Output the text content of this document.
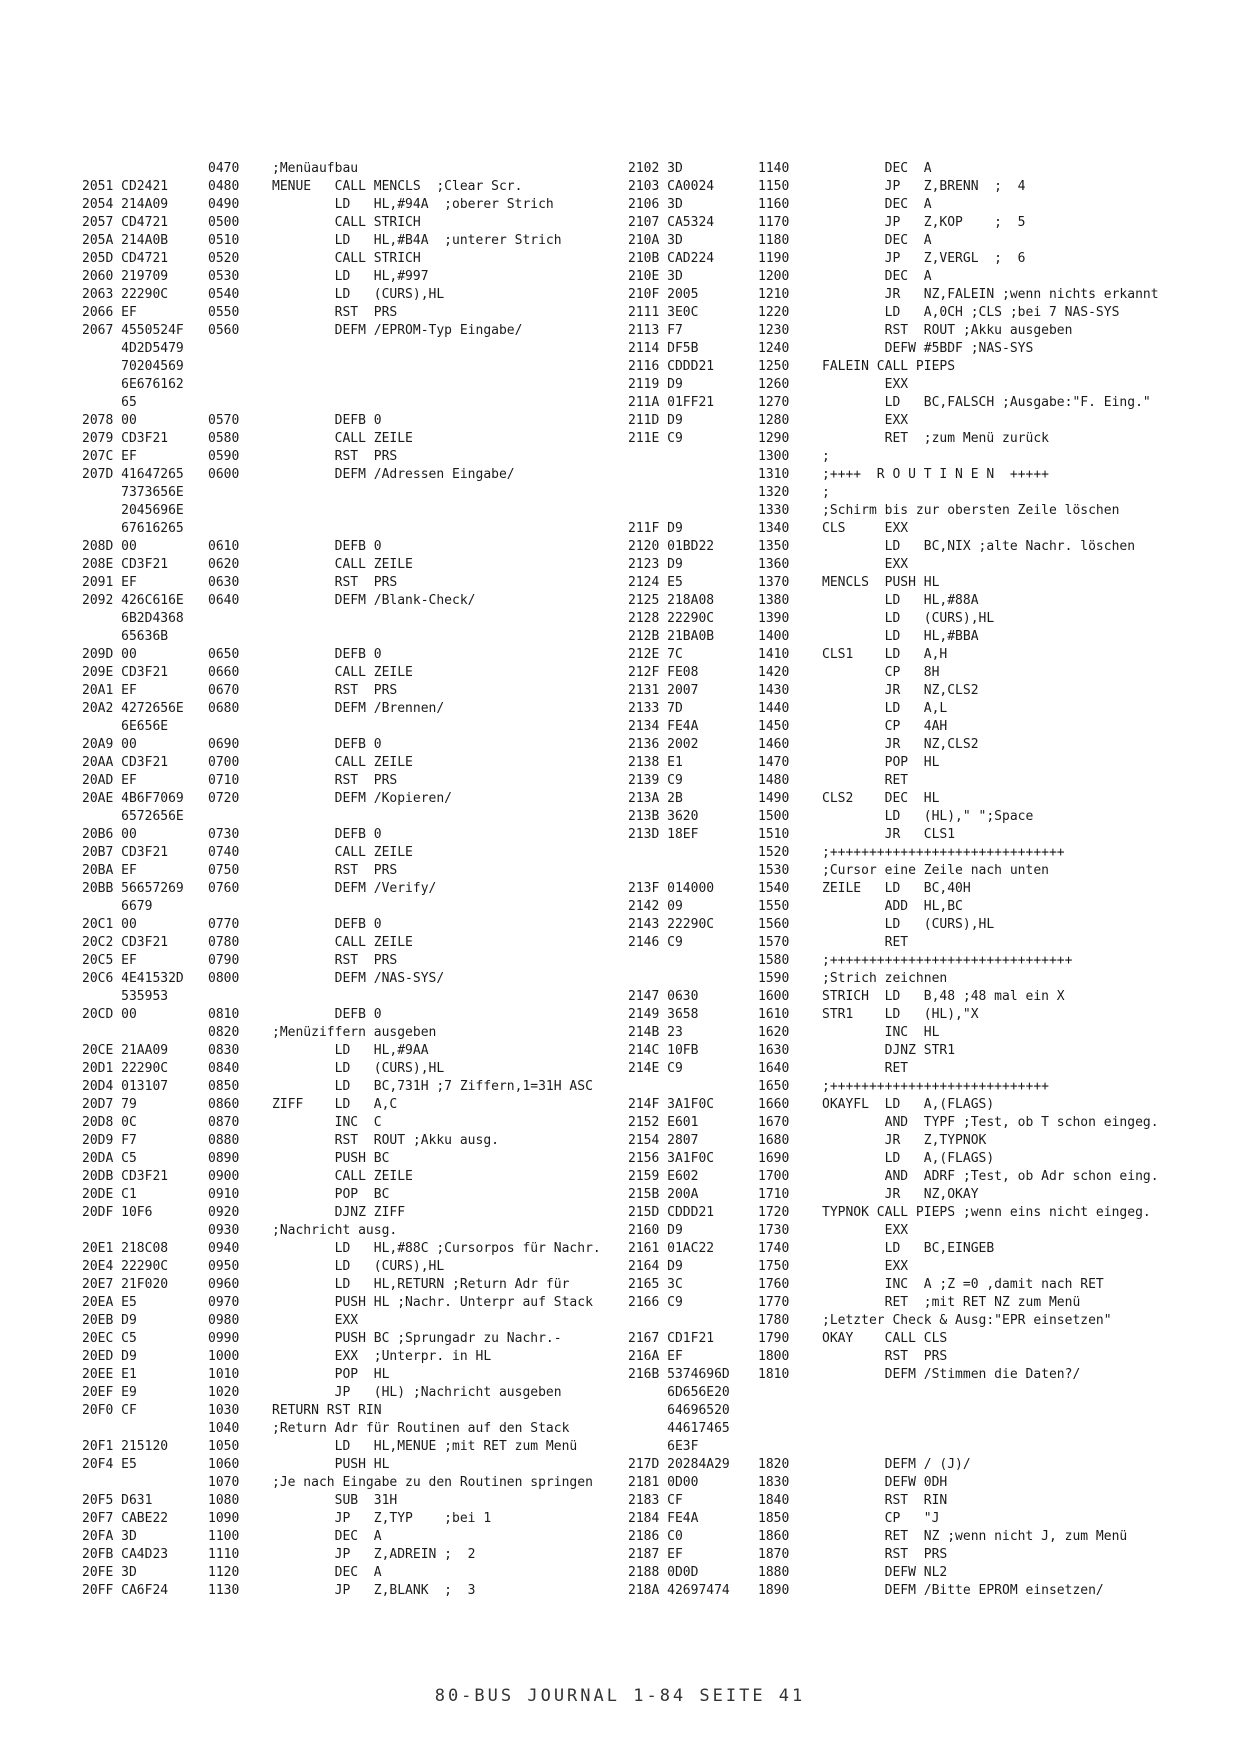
0470	;Menüaufbau
2051 CD2421	0480	MENUE   CALL MENCLS  ;Clear Scr.
2054 214A09	0490	LD   HL,#94A  ;oberer Strich
2057 CD4721	0500	CALL STRICH
205A 214A0B	0510	LD   HL,#B4A  ;unterer Strich
205D CD4721	0520	CALL STRICH
2060 219709	0530	LD   HL,#997
2063 22290C	0540	LD   (CURS),HL
2066 EF	0550	RST  PRS
2067 4550524F 0560	DEFM /EPROM-Typ Eingabe/
4D2D5479
70204569
6E676162
65
2078 00	0570	DEFB 0
2079 CD3F21	0580	CALL ZEILE
207C EF	0590	RST  PRS
207D 41647265 0600	DEFM /Adressen Eingabe/
7373656E
2045696E
67616265
208D 00	0610	DEFB 0
208E CD3F21	0620	CALL ZEILE
2091 EF	0630	RST  PRS
2092 426C616E 0640	DEFM /Blank-Check/
6B2D4368
65636B
209D 00	0650	DEFB 0
209E CD3F21	0660	CALL ZEILE
20A1 EF	0670	RST  PRS
20A2 4272656E 0680	DEFM /Brennen/
6E656E
20A9 00	0690	DEFB 0
20AA CD3F21	0700	CALL ZEILE
20AD EF	0710	RST  PRS
20AE 4B6F7069 0720	DEFM /Kopieren/
6572656E
20B6 00	0730	DEFB 0
20B7 CD3F21	0740	CALL ZEILE
20BA EF	0750	RST  PRS
20BB 56657269 0760	DEFM /Verify/
6679
20C1 00	0770	DEFB 0
20C2 CD3F21	0780	CALL ZEILE
20C5 EF	0790	RST  PRS
20C6 4E41532D 0800	DEFM /NAS-SYS/
535953
20CD 00	0810	DEFB 0
0820	;Menüziffern ausgeben
20CE 21AA09	0830	LD   HL,#9AA
20D1 22290C	0840	LD   (CURS),HL
20D4 013107	0850	LD   BC,731H ;7 Ziffern,1=31H ASC
20D7 79	0860	ZIFF    LD   A,C
20D8 0C	0870	INC  C
20D9 F7	0880	RST  ROUT ;Akku ausg.
20DA C5	0890	PUSH BC
20DB CD3F21	0900	CALL ZEILE
20DE C1	0910	POP  BC
20DF 10F6	0920	DJNZ ZIFF
0930	;Nachricht ausg.
20E1 218C08	0940	LD   HL,#88C ;Cursorpos für Nachr.
20E4 22290C	0950	LD   (CURS),HL
20E7 21F020	0960	LD   HL,RETURN ;Return Adr für
20EA E5	0970	PUSH HL ;Nachr. Unterpr auf Stack
20EB D9	0980	EXX
20EC C5	0990	PUSH BC ;Sprungadr zu Nachr.-
20ED D9	1000	EXX  ;Unterpr. in HL
20EE E1	1010	POP  HL
20EF E9	1020	JP   (HL) ;Nachricht ausgeben
20F0 CF	1030	RETURN RST RIN
1040	;Return Adr für Routinen auf den Stack
20F1 215120	1050	LD   HL,MENUE ;mit RET zum Menü
20F4 E5	1060	PUSH HL
1070	;Je nach Eingabe zu den Routinen springen
20F5 D631	1080	SUB  31H
20F7 CABE22	1090	JP   Z,TYP    ;bei 1
20FA 3D	1100	DEC  A
20FB CA4D23	1110	JP   Z,ADREIN ;  2
20FE 3D	1120	DEC  A
20FF CA6F24	1130	JP   Z,BLANK  ;  3
2102 3D	1140	DEC  A
2103 CA0024	1150	JP   Z,BRENN  ;  4
2106 3D	1160	DEC  A
2107 CA5324	1170	JP   Z,KOP    ;  5
210A 3D	1180	DEC  A
210B CAD224	1190	JP   Z,VERGL  ;  6
210E 3D	1200	DEC  A
210F 2005	1210	JR   NZ,FALEIN ;wenn nichts erkannt
2111 3E0C	1220	LD   A,0CH ;CLS ;bei 7 NAS-SYS
2113 F7	1230	RST  ROUT ;Akku ausgeben
2114 DF5B	1240	DEFW #5BDF ;NAS-SYS
2116 CDDD21	1250	FALEIN CALL PIEPS
2119 D9	1260	EXX
211A 01FF21	1270	LD   BC,FALSCH ;Ausgabe:"F. Eing."
211D D9	1280	EXX
211E C9	1290	RET  ;zum Menü zurück
1300	;
1310	;++++  R O U T I N E N  +++++
1320	;
1330	;Schirm bis zur obersten Zeile löschen
211F D9	1340	CLS     EXX
2120 01BD22	1350	LD   BC,NIX ;alte Nachr. löschen
2123 D9	1360	EXX
2124 E5	1370	MENCLS  PUSH HL
2125 218A08	1380	LD   HL,#88A
2128 22290C	1390	LD   (CURS),HL
212B 21BA0B	1400	LD   HL,#BBA
212E 7C	1410	CLS1    LD   A,H
212F FE08	1420	CP   8H
2131 2007	1430	JR   NZ,CLS2
2133 7D	1440	LD   A,L
2134 FE4A	1450	CP   4AH
2136 2002	1460	JR   NZ,CLS2
2138 E1	1470	POP  HL
2139 C9	1480	RET
213A 2B	1490	CLS2    DEC  HL
213B 3620	1500	LD   (HL)," ";Space
213D 18EF	1510	JR   CLS1
1520	;++++++++++++++++++++++++++++++
1530	;Cursor eine Zeile nach unten
213F 014000	1540	ZEILE   LD   BC,40H
2142 09	1550	ADD  HL,BC
2143 22290C	1560	LD   (CURS),HL
2146 C9	1570	RET
1580	;+++++++++++++++++++++++++++++++
1590	;Strich zeichnen
2147 0630	1600	STRICH  LD   B,48 ;48 mal ein X
2149 3658	1610	STR1    LD   (HL),"X
214B 23	1620	INC  HL
214C 10FB	1630	DJNZ STR1
214E C9	1640	RET
1650	;++++++++++++++++++++++++++++
214F 3A1F0C	1660	OKAYFL  LD   A,(FLAGS)
2152 E601	1670	AND  TYPF ;Test, ob T schon eingeg.
2154 2807	1680	JR   Z,TYPNOK
2156 3A1F0C	1690	LD   A,(FLAGS)
2159 E602	1700	AND  ADRF ;Test, ob Adr schon eing.
215B 200A	1710	JR   NZ,OKAY
215D CDDD21	1720	TYPNOK CALL PIEPS ;wenn eins nicht eingeg.
2160 D9	1730	EXX
2161 01AC22	1740	LD   BC,EINGEB
2164 D9	1750	EXX
2165 3C	1760	INC  A ;Z =0 ,damit nach RET
2166 C9	1770	RET  ;mit RET NZ zum Menü
1780	;Letzter Check & Ausg:"EPR einsetzen"
2167 CD1F21	1790	OKAY    CALL CLS
216A EF	1800	RST  PRS
216B 5374696D 1810	DEFM /Stimmen die Daten?/
6D656E20
64696520
44617465
6E3F
217D 20284A29 1820	DEFM / (J)/
2181 0D00	1830	DEFW 0DH
2183 CF	1840	RST  RIN
2184 FE4A	1850	CP   "J
2186 C0	1860	RET  NZ ;wenn nicht J, zum Menü
2187 EF	1870	RST  PRS
2188 0D0D	1880	DEFW NL2
218A 42697474 1890	DEFM /Bitte EPROM einsetzen/
80-BUS JOURNAL 1-84 SEITE 41
